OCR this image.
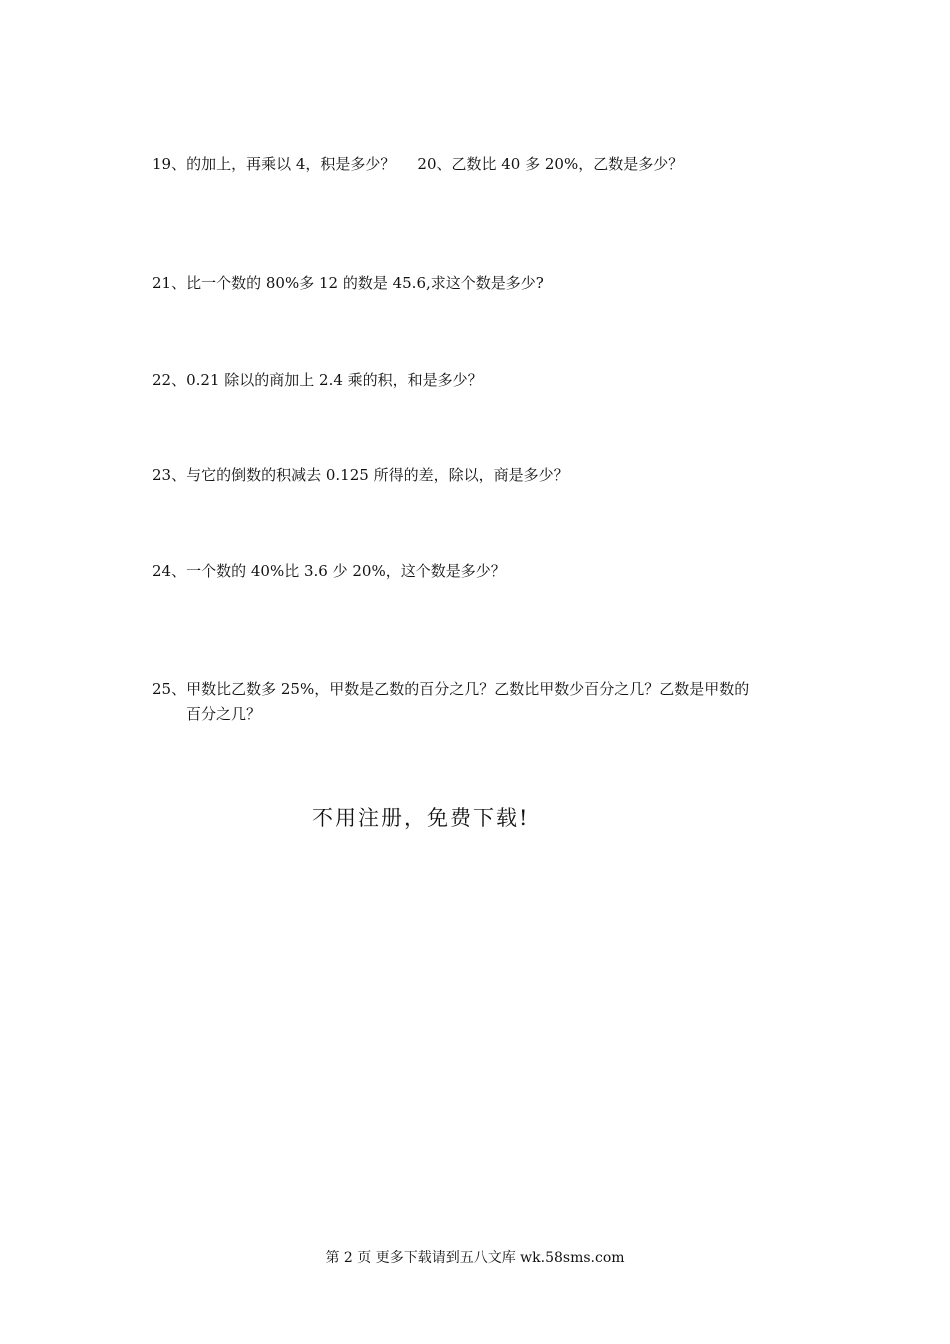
19、的加上，再乘以 4，积是多少？ 20、乙数比 40 多 20%，乙数是多少？
21、比一个数的 80%多 12 的数是 45.6,求这个数是多少?
22、0.21 除以的商加上 2.4 乘的积，和是多少？
23、与它的倒数的积减去 0.125 所得的差，除以，商是多少？
24、一个数的 40%比 3.6 少 20%，这个数是多少？
25、甲数比乙数多 25%，甲数是乙数的百分之几？乙数比甲数少百分之几？乙数是甲数的
百分之几？
不用注册，免费下载!
第 2 页 更多下载请到五八文库 wk.58sms.com
